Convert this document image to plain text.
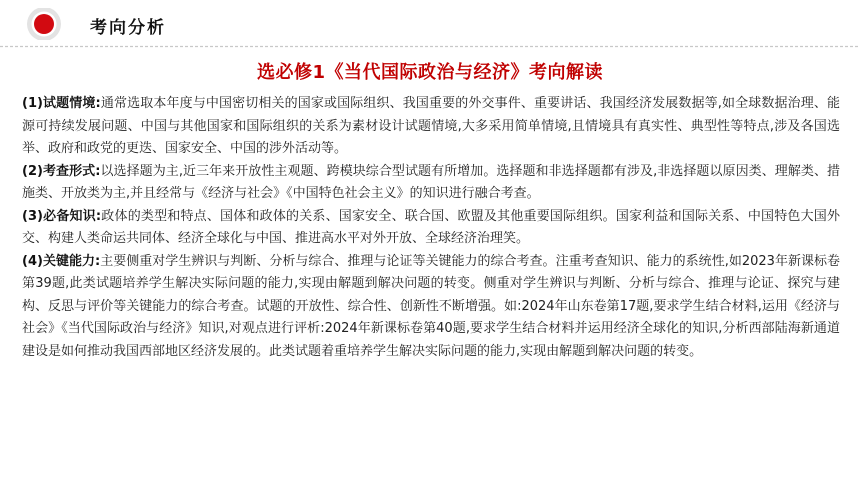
考向分析
选必修1《当代国际政治与经济》考向解读

(1)试题情境:通常选取本年度与中国密切相关的国家或国际组织、我国重要的外交事件、重要讲话、我国经济发展数据等,如全球数据治理、能源可持续发展问题、中国与其他国家和国际组织的关系为素材设计试题情境,大多采用简单情境,且情境具有真实性、典型性等特点,涉及各国选举、政府和政党的更迭、国家安全、中国的涉外活动等。

(2)考查形式:以选择题为主,近三年来开放性主观题、跨模块综合型试题有所增加。选择题和非选择题都有涉及,非选择题以原因类、理解类、措施类、开放类为主,并且经常与《经济与社会》《中国特色社会主义》的知识进行融合考查。

(3)必备知识:政体的类型和特点、国体和政体的关系、国家安全、联合国、欧盟及其他重要国际组织。国家利益和国际关系、中国特色大国外交、构建人类命运共同体、经济全球化与中国、推进高水平对外开放、全球经济治理笑。

(4)关键能力:主要侧重对学生辨识与判断、分析与综合、推理与论证等关键能力的综合考查。注重考查知识、能力的系统性,如2023年新课标卷第39题,此类试题培养学生解决实际问题的能力,实现由解题到解决问题的转变。侧重对学生辨识与判断、分析与综合、推理与论证、探究与建构、反思与评价等关键能力的综合考查。试题的开放性、综合性、创新性不断增强。如:2024年山东卷第17题,要求学生结合材料,运用《经济与社会》《当代国际政治与经济》知识,对观点进行评析:2024年新课标卷第40题,要求学生结合材料并运用经济全球化的知识,分析西部陆海新通道建设是如何推动我国西部地区经济发展的。此类试题着重培养学生解决实际问题的能力,实现由解题到解决问题的转变。
